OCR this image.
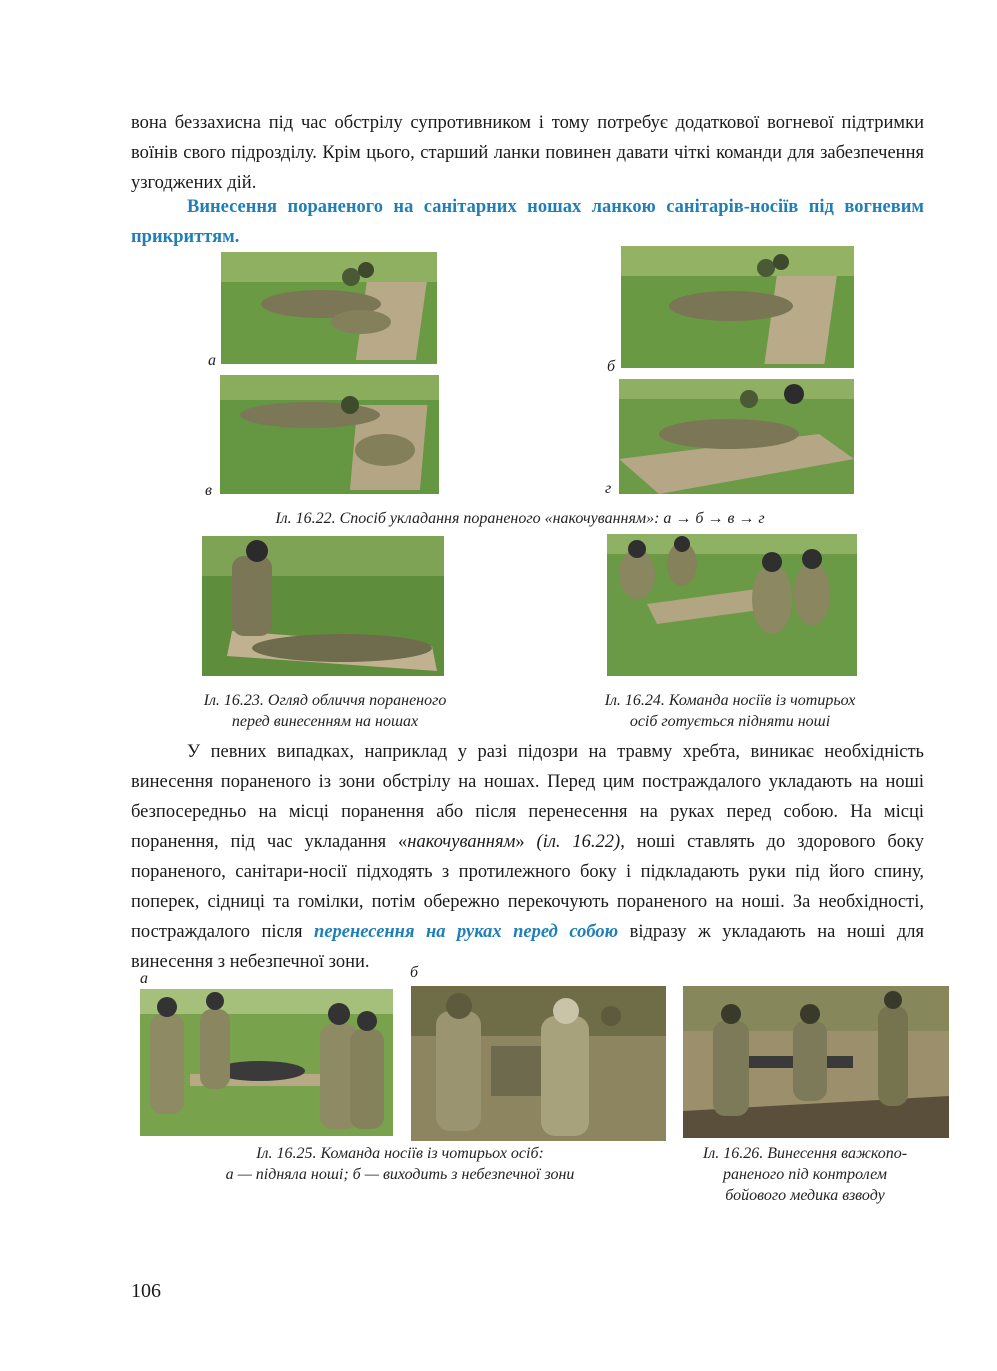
вона беззахисна під час обстрілу супротивником і тому потребує додаткової вогневої підтримки воїнів свого підрозділу. Крім цього, старший ланки повинен давати чіткі команди для забезпечення узгоджених дій.

Винесення пораненого на санітарних ношах ланкою санітарів-носіїв під вогневим прикриттям.

а	б
в	г
Іл. 16.22. Спосіб укладання пораненого «накочуванням»: а → б → в → г
Іл. 16.23. Огляд обличчя пораненого
перед винесенням на ношах
Іл. 16.24. Команда носіїв із чотирьох
осіб готується підняти ноші

У певних випадках, наприклад у разі підозри на травму хребта, виникає необхідність винесення пораненого із зони обстрілу на ношах. Перед цим постраждалого укладають на ноші безпосередньо на місці поранення або після перенесення на руках перед собою. На місці поранення, під час укладання «накочуванням» (іл. 16.22), ноші ставлять до здорового боку пораненого, санітари-носії підходять з протилежного боку і підкладають руки під його спину, поперек, сідниці та гомілки, потім обережно перекочують пораненого на ноші. За необхідності, постраждалого після перенесення на руках перед собою відразу ж укладають на ноші для винесення з небезпечної зони.

а	б
Іл. 16.25. Команда носіїв із чотирьох осіб:
а — підняла ноші; б — виходить з небезпечної зони
Іл. 16.26. Винесення важкопо-
раненого під контролем
бойового медика взводу
106
